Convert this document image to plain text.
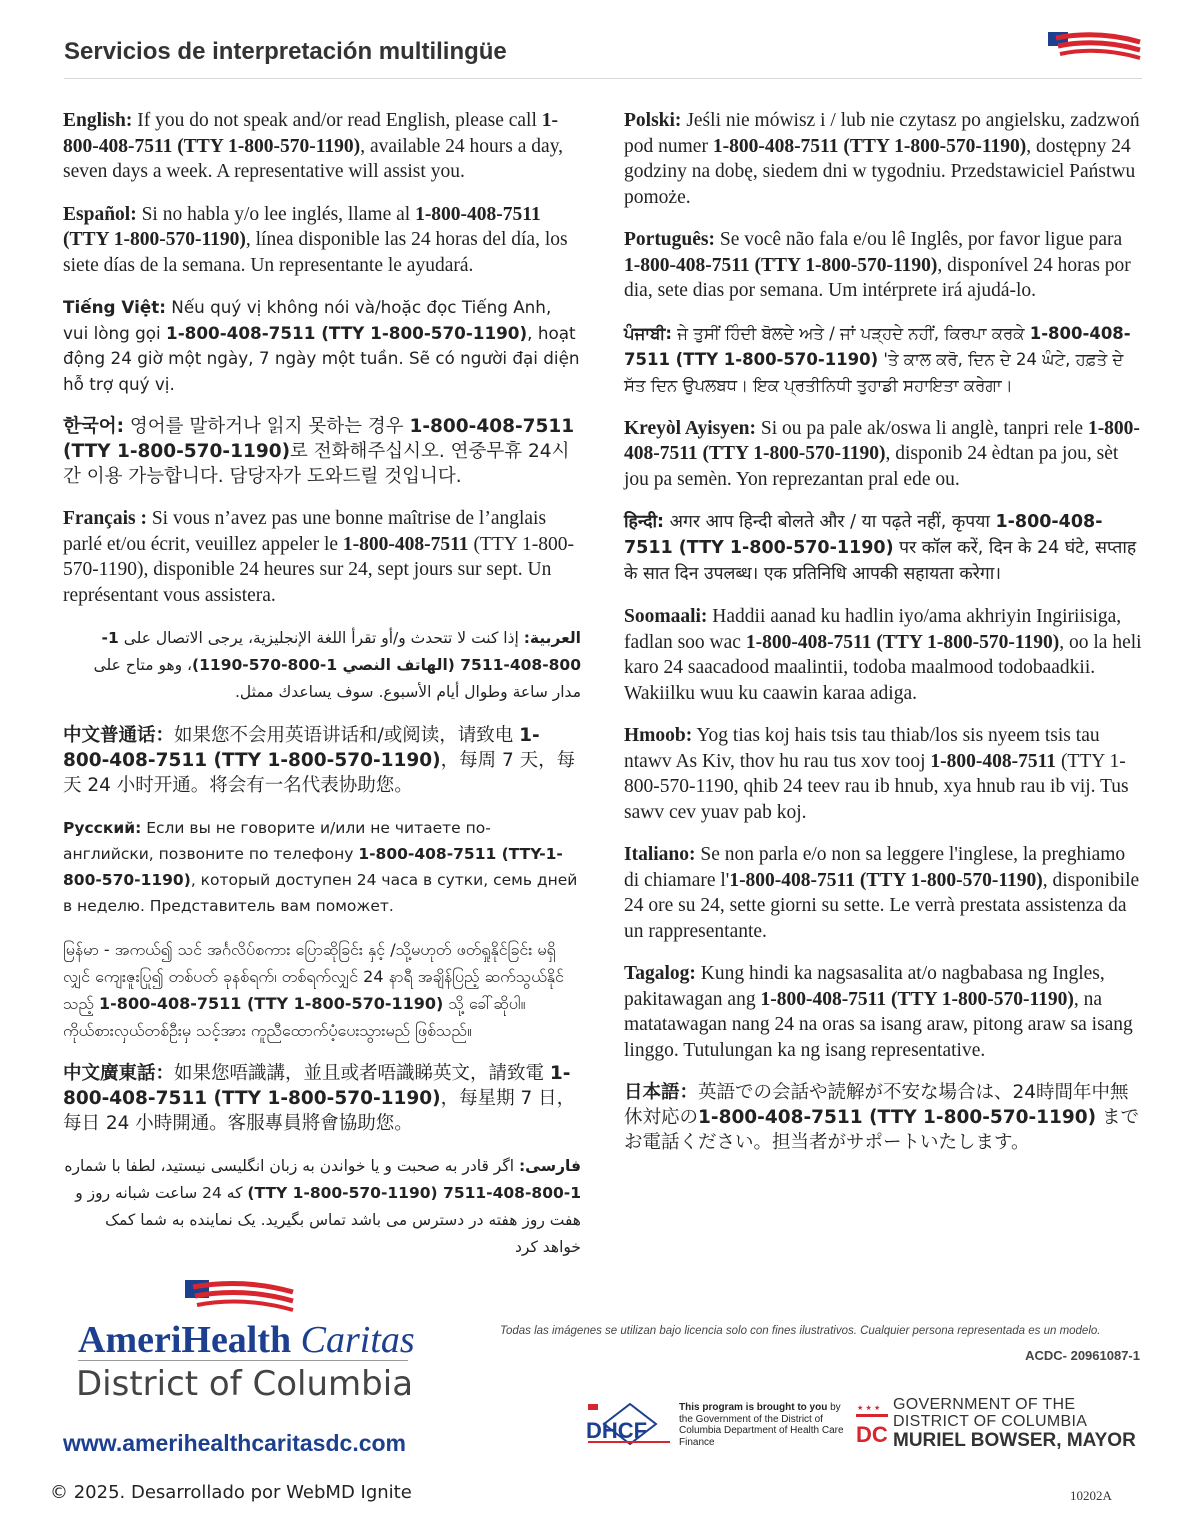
Servicios de interpretación multilingüe

English: If you do not speak and/or read English, please call 1-800-408-7511 (TTY 1-800-570-1190), available 24 hours a day, seven days a week. A representative will assist you.

Español: Si no habla y/o lee inglés, llame al 1-800-408-7511 (TTY 1-800-570-1190), línea disponible las 24 horas del día, los siete días de la semana. Un representante le ayudará.

Tiếng Việt: Nếu quý vị không nói và/hoặc đọc Tiếng Anh, vui lòng gọi 1-800-408-7511 (TTY 1-800-570-1190), hoạt động 24 giờ một ngày, 7 ngày một tuần. Sẽ có người đại diện hỗ trợ quý vị.

한국어: 영어를 말하거나 읽지 못하는 경우 1-800-408-7511 (TTY 1-800-570-1190)로 전화해주십시오. 연중무휴 24시간 이용 가능합니다. 담당자가 도와드릴 것입니다.

Français : Si vous n’avez pas une bonne maîtrise de l’anglais parlé et/ou écrit, veuillez appeler le 1-800-408-7511 (TTY 1-800-570-1190), disponible 24 heures sur 24, sept jours sur sept. Un représentant vous assistera.

العربية: إذا كنت لا تتحدث و/أو تقرأ اللغة الإنجليزية، يرجى الاتصال على 1-800-408-7511 (الهاتف النصي 1-800-570-1190)، وهو متاح على مدار ساعة وطوال أيام الأسبوع. سوف يساعدك ممثل.

中文普通话：如果您不会用英语讲话和/或阅读，请致电 1-800-408-7511 (TTY 1-800-570-1190)，每周 7 天，每天 24 小时开通。将会有一名代表协助您。

Русский: Если вы не говорите и/или не читаете по-английски, позвоните по телефону 1-800-408-7511 (TTY-1-800-570-1190), который доступен 24 часа в сутки, семь дней в неделю. Представитель вам поможет.

မြန်မာ - အကယ်၍ သင် အင်္ဂလိပ်စကား ပြောဆိုခြင်း နှင့် /သို့မဟုတ် ဖတ်ရှုနိုင်ခြင်း မရှိလျှင် ကျေးဇူးပြု၍ တစ်ပတ် ခုနစ်ရက်၊ တစ်ရက်လျှင် 24 နာရီ အချိန်ပြည့် ဆက်သွယ်နိုင်သည့် 1-800-408-7511 (TTY 1-800-570-1190) သို့ ခေါ်ဆိုပါ။ ကိုယ်စားလှယ်တစ်ဦးမှ သင့်အား ကူညီထောက်ပံ့ပေးသွားမည် ဖြစ်သည်။

中文廣東話：如果您唔識講，並且或者唔識睇英文，請致電 1-800-408-7511 (TTY 1-800-570-1190)，每星期 7 日，每日 24 小時開通。客服專員將會協助您。

فارسی: اگر قادر به صحبت و یا خواندن به زبان انگلیسی نیستید، لطفا با شماره 1-800-408-7511 (TTY 1-800-570-1190) که 24 ساعت شبانه روز و هفت روز هفته در دسترس می باشد تماس بگیرید. یک نماینده به شما کمک خواهد کرد

Polski: Jeśli nie mówisz i / lub nie czytasz po angielsku, zadzwoń pod numer 1-800-408-7511 (TTY 1-800-570-1190), dostępny 24 godziny na dobę, siedem dni w tygodniu. Przedstawiciel Państwu pomoże.

Português: Se você não fala e/ou lê Inglês, por favor ligue para 1-800-408-7511 (TTY 1-800-570-1190), disponível 24 horas por dia, sete dias por semana. Um intérprete irá ajudá-lo.

ਪੰਜਾਬੀ: ਜੇ ਤੁਸੀਂ ਹਿੰਦੀ ਬੋਲਦੇ ਅਤੇ / ਜਾਂ ਪੜ੍ਹਦੇ ਨਹੀਂ, ਕਿਰਪਾ ਕਰਕੇ 1-800-408-7511 (TTY 1-800-570-1190) 'ਤੇ ਕਾਲ ਕਰੋ, ਦਿਨ ਦੇ 24 ਘੰਟੇ, ਹਫ਼ਤੇ ਦੇ ਸੱਤ ਦਿਨ ਉਪਲਬਧ। ਇਕ ਪ੍ਰਤੀਨਿਧੀ ਤੁਹਾਡੀ ਸਹਾਇਤਾ ਕਰੇਗਾ।

Kreyòl Ayisyen: Si ou pa pale ak/oswa li anglè, tanpri rele 1-800-408-7511 (TTY 1-800-570-1190), disponib 24 èdtan pa jou, sèt jou pa semèn. Yon reprezantan pral ede ou.

हिन्दी: अगर आप हिन्दी बोलते और / या पढ़ते नहीं, कृपया 1-800-408-7511 (TTY 1-800-570-1190) पर कॉल करें, दिन के 24 घंटे, सप्ताह के सात दिन उपलब्ध। एक प्रतिनिधि आपकी सहायता करेगा।

Soomaali: Haddii aanad ku hadlin iyo/ama akhriyin Ingiriisiga, fadlan soo wac 1-800-408-7511 (TTY 1-800-570-1190), oo la heli karo 24 saacadood maalintii, todoba maalmood todobaadkii. Wakiilku wuu ku caawin karaa adiga.

Hmoob: Yog tias koj hais tsis tau thiab/los sis nyeem tsis tau ntawv As Kiv, thov hu rau tus xov tooj 1-800-408-7511 (TTY 1-800-570-1190, qhib 24 teev rau ib hnub, xya hnub rau ib vij. Tus sawv cev yuav pab koj.

Italiano: Se non parla e/o non sa leggere l'inglese, la preghiamo di chiamare l'1-800-408-7511 (TTY 1-800-570-1190), disponibile 24 ore su 24, sette giorni su sette. Le verrà prestata assistenza da un rappresentante.

Tagalog: Kung hindi ka nagsasalita at/o nagbabasa ng Ingles, pakitawagan ang 1-800-408-7511 (TTY 1-800-570-1190), na matatawagan nang 24 na oras sa isang araw, pitong araw sa isang linggo. Tutulungan ka ng isang representative.

日本語：英語での会話や読解が不安な場合は、24時間年中無休対応の1-800-408-7511 (TTY 1-800-570-1190) までお電話ください。担当者がサポートいたします。

AmeriHealth Caritas
District of Columbia
www.amerihealthcaritasdc.com
© 2025. Desarrollado por WebMD Ignite
Todas las imágenes se utilizan bajo licencia solo con fines ilustrativos. Cualquier persona representada es un modelo.
ACDC- 20961087-1
DHCF
This program is brought to you by the Government of the District of Columbia Department of Health Care Finance
★ ★ ★
DC
GOVERNMENT OF THE
DISTRICT OF COLUMBIA
MURIEL BOWSER, MAYOR
10202A
